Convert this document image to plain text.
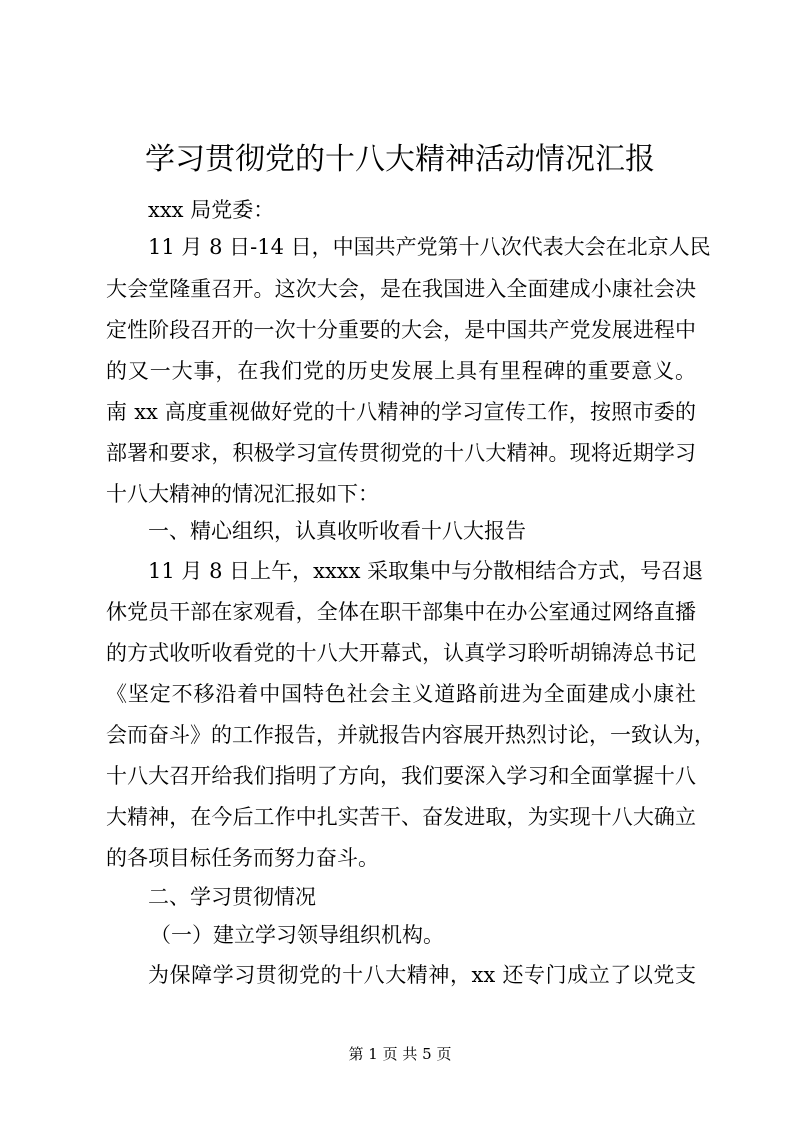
学习贯彻党的十八大精神活动情况汇报
xxx 局党委：
11 月 8 日-14 日，中国共产党第十八次代表大会在北京人民
大会堂隆重召开。这次大会，是在我国进入全面建成小康社会决
定性阶段召开的一次十分重要的大会，是中国共产党发展进程中
的又一大事，在我们党的历史发展上具有里程碑的重要意义。
南 xx 高度重视做好党的十八精神的学习宣传工作，按照市委的
部署和要求，积极学习宣传贯彻党的十八大精神。现将近期学习
十八大精神的情况汇报如下：
一、精心组织，认真收听收看十八大报告
11 月 8 日上午，xxxx 采取集中与分散相结合方式，号召退
休党员干部在家观看，全体在职干部集中在办公室通过网络直播
的方式收听收看党的十八大开幕式，认真学习聆听胡锦涛总书记
《坚定不移沿着中国特色社会主义道路前进为全面建成小康社
会而奋斗》的工作报告，并就报告内容展开热烈讨论，一致认为，
十八大召开给我们指明了方向，我们要深入学习和全面掌握十八
大精神，在今后工作中扎实苦干、奋发进取，为实现十八大确立
的各项目标任务而努力奋斗。
二、学习贯彻情况
（一）建立学习领导组织机构。
为保障学习贯彻党的十八大精神，xx 还专门成立了以党支
第 1 页 共 5 页
